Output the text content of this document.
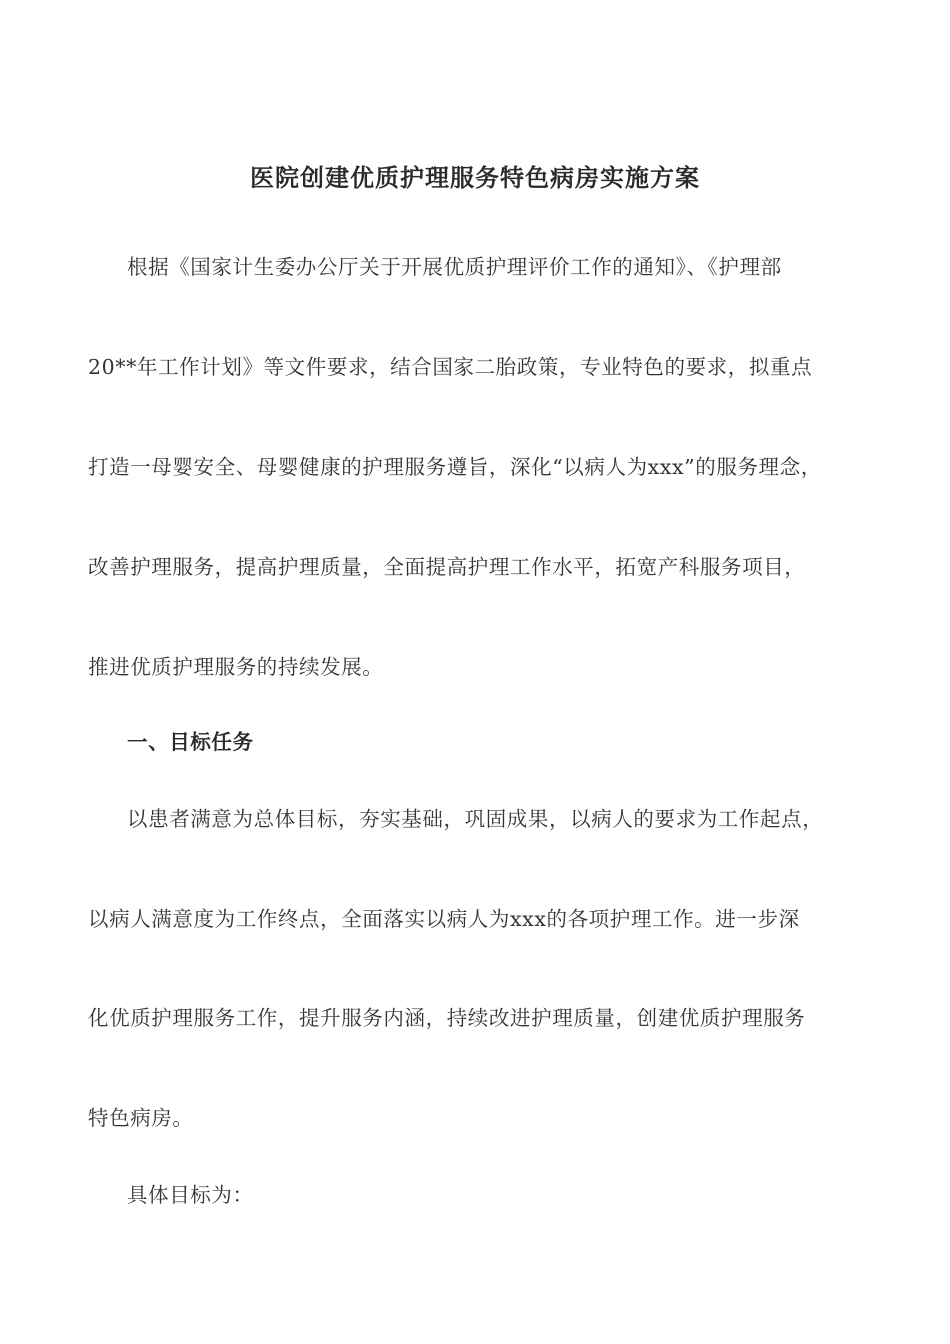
医院创建优质护理服务特色病房实施方案
根据《国家计生委办公厅关于开展优质护理评价工作的通知》、《护理部
20**年工作计划》等文件要求，结合国家二胎政策，专业特色的要求，拟重点
打造一母婴安全、母婴健康的护理服务遵旨，深化“以病人为xxx”的服务理念，
改善护理服务，提高护理质量，全面提高护理工作水平，拓宽产科服务项目，
推进优质护理服务的持续发展。
一、目标任务
以患者满意为总体目标，夯实基础，巩固成果，以病人的要求为工作起点，
以病人满意度为工作终点，全面落实以病人为xxx的各项护理工作。进一步深
化优质护理服务工作，提升服务内涵，持续改进护理质量，创建优质护理服务
特色病房。
具体目标为：
